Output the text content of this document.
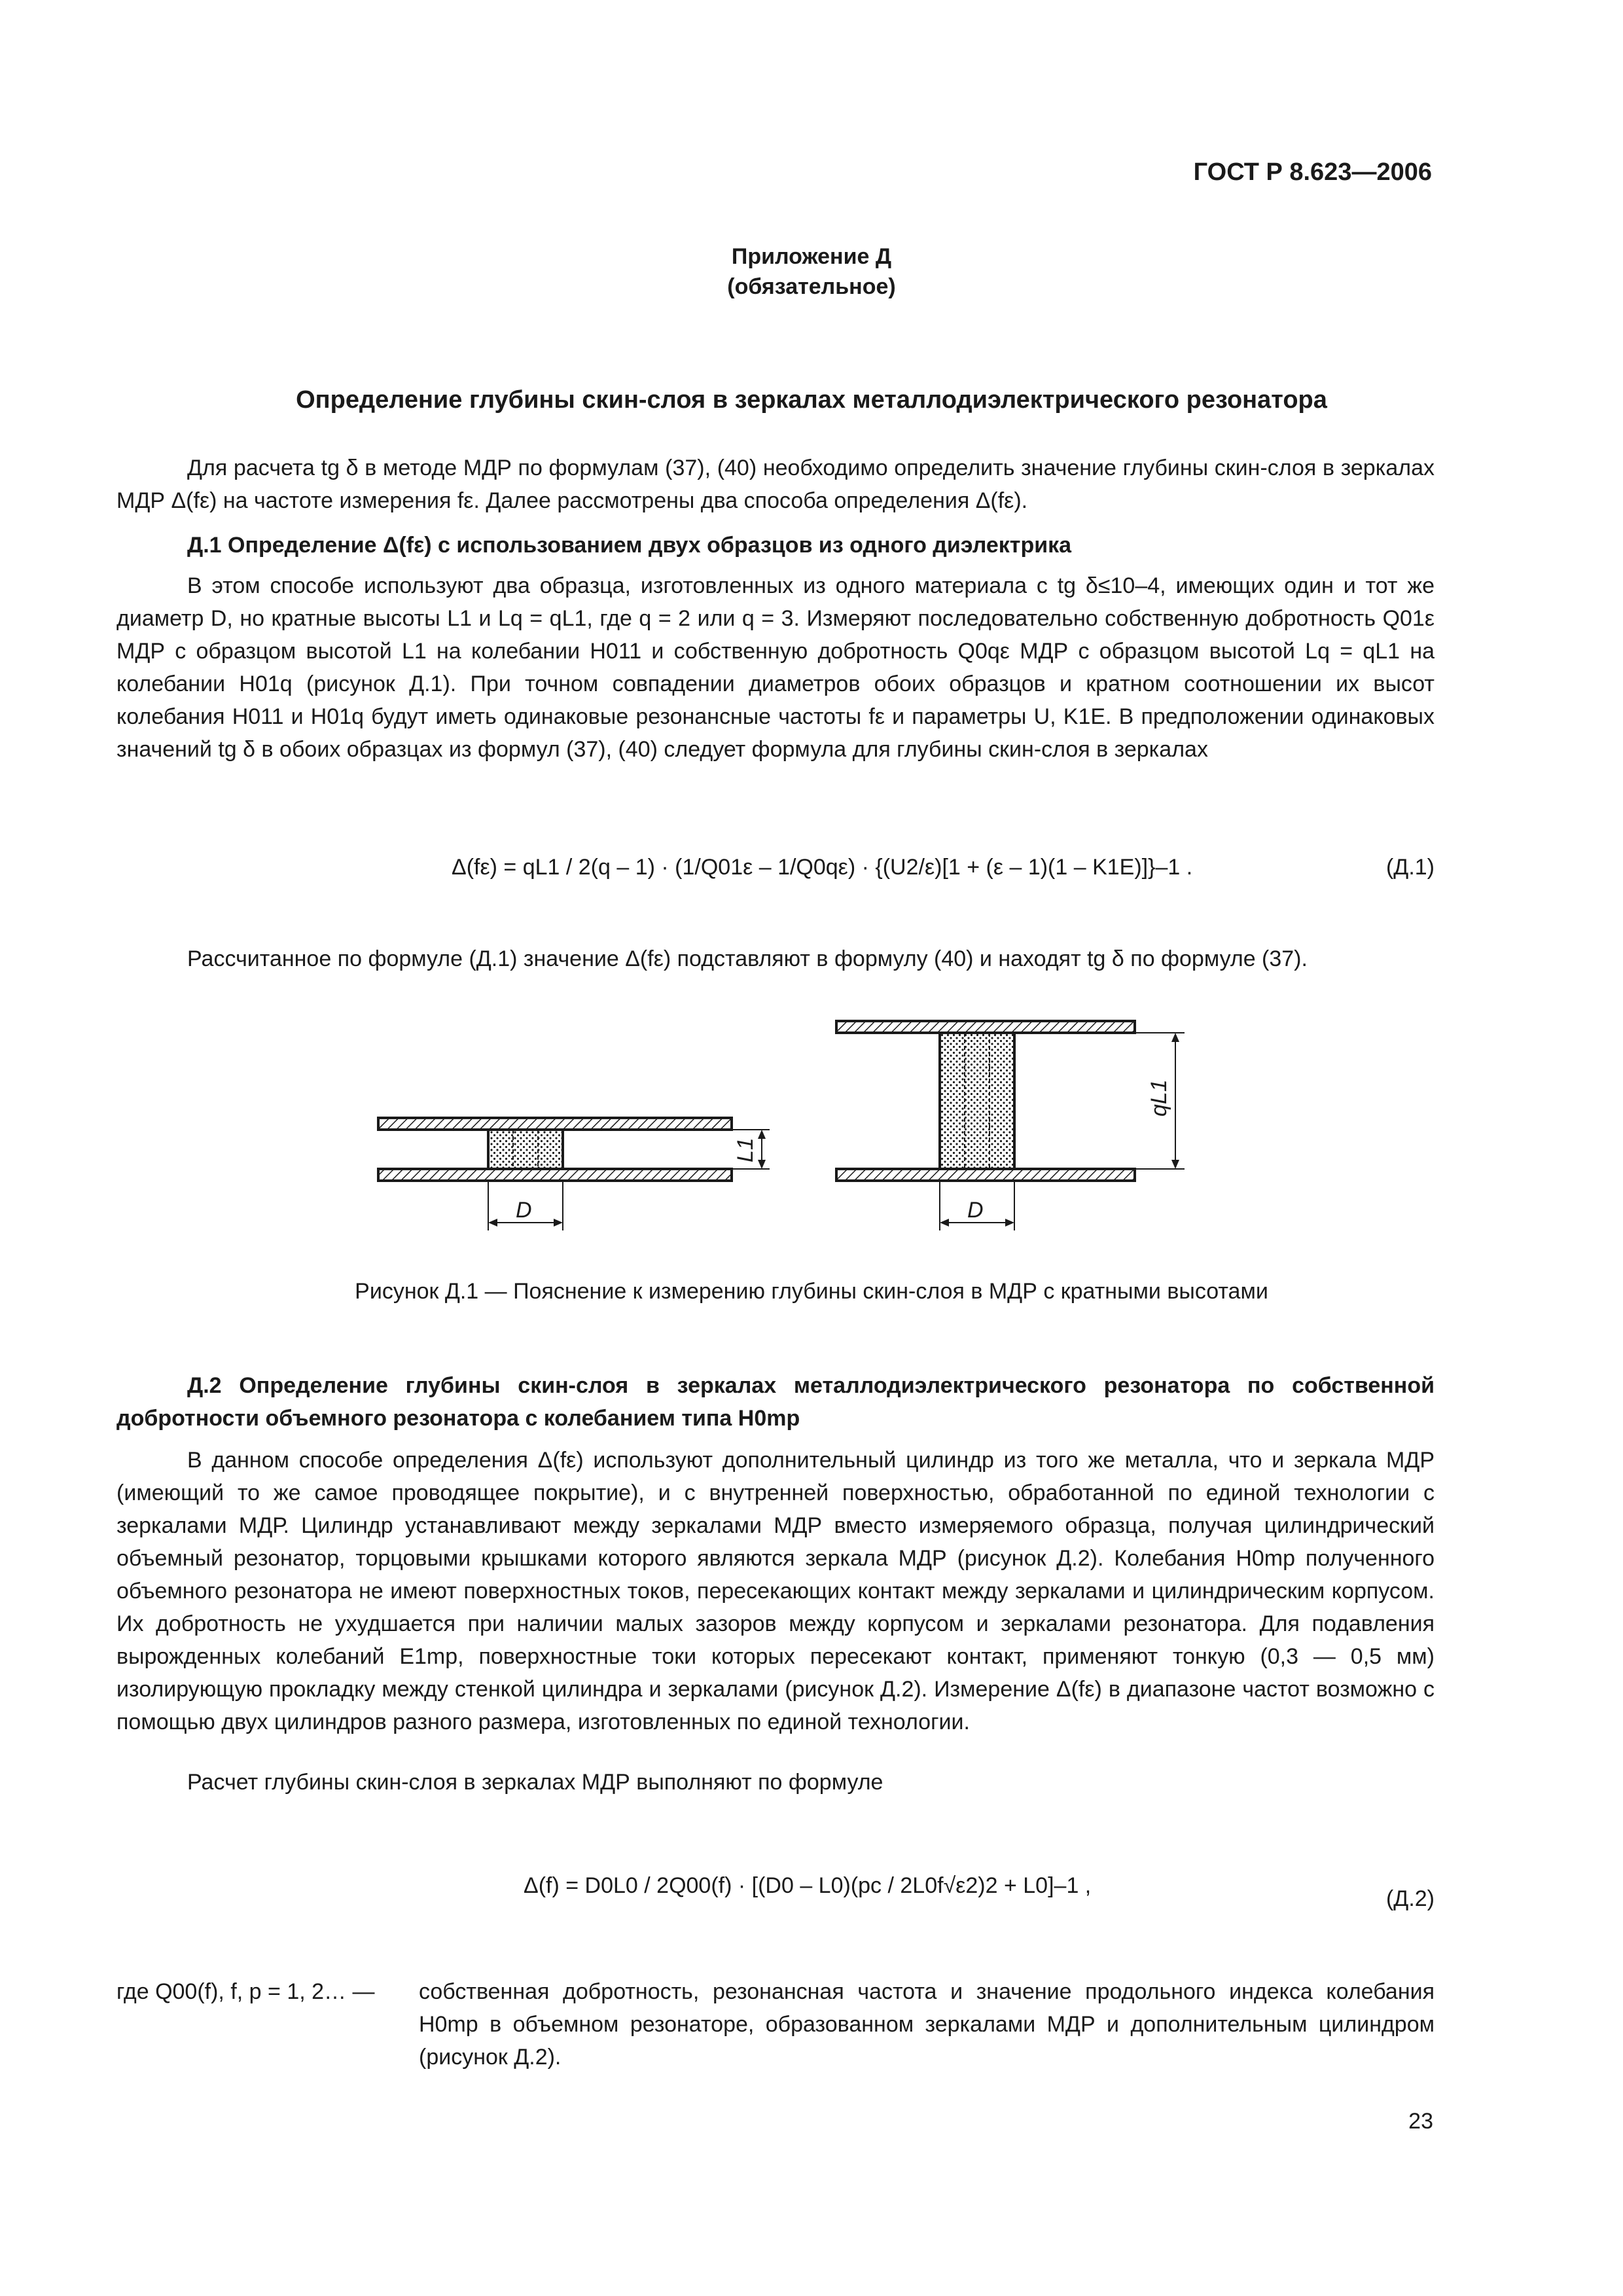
ГОСТ Р 8.623—2006
Приложение Д
(обязательное)
Определение глубины скин-слоя в зеркалах металлодиэлектрического резонатора
Для расчета tg δ в методе МДР по формулам (37), (40) необходимо определить значение глубины скин-слоя в зеркалах МДР Δ(fε) на частоте измерения fε. Далее рассмотрены два способа определения Δ(fε).
Д.1 Определение Δ(fε) с использованием двух образцов из одного диэлектрика
В этом способе используют два образца, изготовленных из одного материала с tg δ≤10–4, имеющих один и тот же диаметр D, но кратные высоты L1 и Lq = qL1, где q = 2 или q = 3. Измеряют последовательно собственную добротность Q01ε МДР с образцом высотой L1 на колебании H011 и собственную добротность Q0qε МДР с образцом высотой Lq = qL1 на колебании H01q (рисунок Д.1). При точном совпадении диаметров обоих образцов и кратном соотношении их высот колебания H011 и H01q будут иметь одинаковые резонансные частоты fε и параметры U, K1E. В предположении одинаковых значений tg δ в обоих образцах из формул (37), (40) следует формула для глубины скин-слоя в зеркалах
Δ(fε) = qL1 / 2(q – 1) · (1/Q01ε – 1/Q0qε) · {(U2/ε)[1 + (ε – 1)(1 – K1E)]}–1 .	(Д.1)
Рассчитанное по формуле (Д.1) значение Δ(fε) подставляют в формулу (40) и находят tg δ по формуле (37).
D
L1
D
qL1
Рисунок Д.1 — Пояснение к измерению глубины скин-слоя в МДР с кратными высотами
Д.2 Определение глубины скин-слоя в зеркалах металлодиэлектрического резонатора по собственной добротности объемного резонатора с колебанием типа H0mp
В данном способе определения Δ(fε) используют дополнительный цилиндр из того же металла, что и зеркала МДР (имеющий то же самое проводящее покрытие), и с внутренней поверхностью, обработанной по единой технологии с зеркалами МДР. Цилиндр устанавливают между зеркалами МДР вместо измеряемого образца, получая цилиндрический объемный резонатор, торцовыми крышками которого являются зеркала МДР (рисунок Д.2). Колебания H0mp полученного объемного резонатора не имеют поверхностных токов, пересекающих контакт между зеркалами и цилиндрическим корпусом. Их добротность не ухудшается при наличии малых зазоров между корпусом и зеркалами резонатора. Для подавления вырожденных колебаний E1mp, поверхностные токи которых пересекают контакт, применяют тонкую (0,3 — 0,5 мм) изолирующую прокладку между стенкой цилиндра и зеркалами (рисунок Д.2). Измерение Δ(fε) в диапазоне частот возможно с помощью двух цилиндров разного размера, изготовленных по единой технологии.
Расчет глубины скин-слоя в зеркалах МДР выполняют по формуле
Δ(f) = D0L0 / 2Q00(f) · [(D0 – L0)(pc / 2L0f√ε2)2 + L0]–1 ,
(Д.2)
где Q00(f), f, p = 1, 2… —	собственная добротность, резонансная частота и значение продольного индекса колебания H0mp в объемном резонаторе, образованном зеркалами МДР и дополнительным цилиндром (рисунок Д.2).
23
